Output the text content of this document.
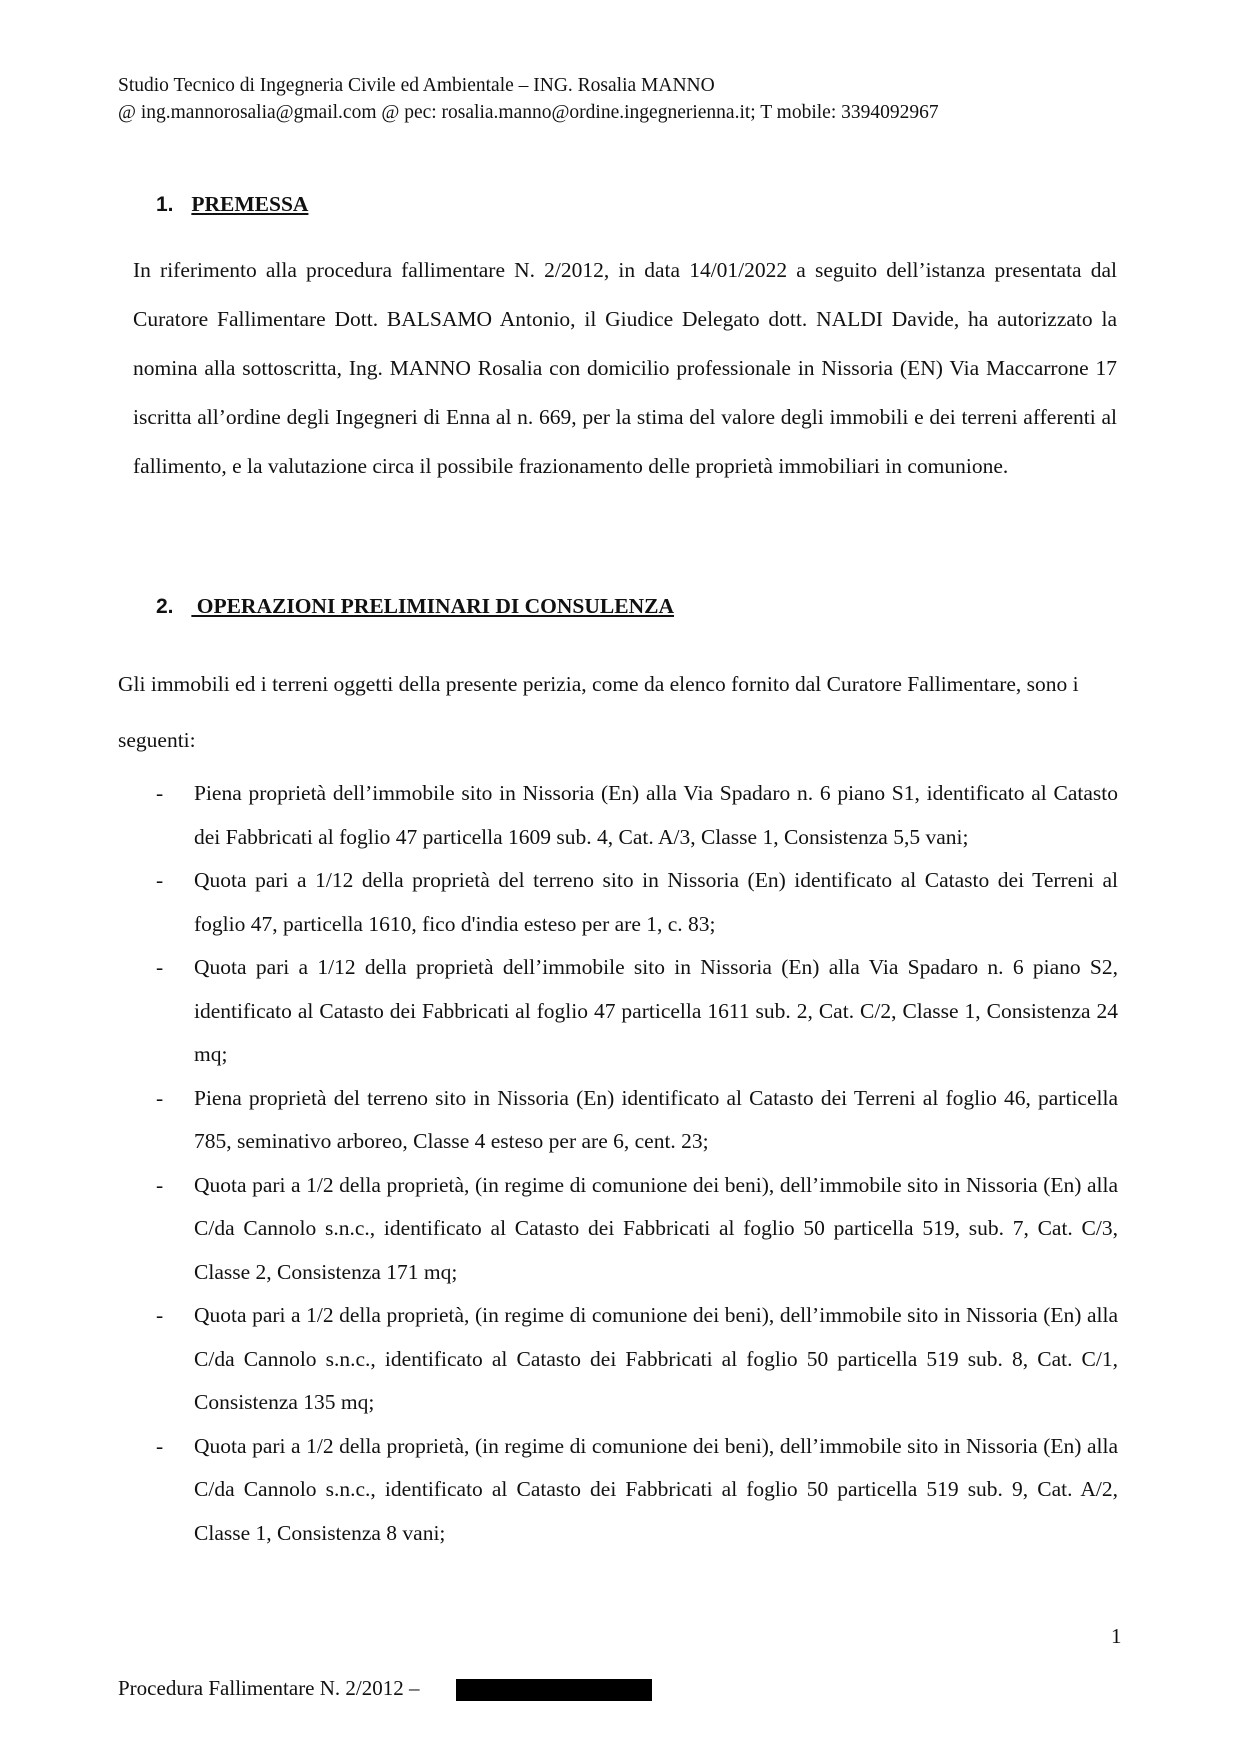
Studio Tecnico di Ingegneria Civile ed Ambientale – ING. Rosalia MANNO
@ ing.mannorosalia@gmail.com @ pec: rosalia.manno@ordine.ingegnerienna.it; T mobile: 3394092967
1. PREMESSA
In riferimento alla procedura fallimentare N. 2/2012, in data 14/01/2022 a seguito dell’istanza presentata dal Curatore Fallimentare Dott. BALSAMO Antonio, il Giudice Delegato dott. NALDI Davide, ha autorizzato la nomina alla sottoscritta, Ing. MANNO Rosalia con domicilio professionale in Nissoria (EN) Via Maccarrone 17 iscritta all’ordine degli Ingegneri di Enna al n. 669, per la stima del valore degli immobili e dei terreni afferenti al fallimento, e la valutazione circa il possibile frazionamento delle proprietà immobiliari in comunione.
2.  OPERAZIONI PRELIMINARI DI CONSULENZA
Gli immobili ed i terreni oggetti della presente perizia, come da elenco fornito dal Curatore Fallimentare, sono i seguenti:
- Piena proprietà dell’immobile sito in Nissoria (En) alla Via Spadaro n. 6 piano S1, identificato al Catasto dei Fabbricati al foglio 47 particella 1609 sub. 4, Cat. A/3, Classe 1, Consistenza 5,5 vani;
- Quota pari a 1/12 della proprietà del terreno sito in Nissoria (En) identificato al Catasto dei Terreni al foglio 47, particella 1610, fico d'india esteso per are 1, c. 83;
- Quota pari a 1/12 della proprietà dell’immobile sito in Nissoria (En) alla Via Spadaro n. 6 piano S2, identificato al Catasto dei Fabbricati al foglio 47 particella 1611 sub. 2, Cat. C/2, Classe 1, Consistenza 24 mq;
- Piena proprietà del terreno sito in Nissoria (En) identificato al Catasto dei Terreni al foglio 46, particella 785, seminativo arboreo, Classe 4 esteso per are 6, cent. 23;
- Quota pari a 1/2 della proprietà, (in regime di comunione dei beni), dell’immobile sito in Nissoria (En) alla C/da Cannolo s.n.c., identificato al Catasto dei Fabbricati al foglio 50 particella 519, sub. 7, Cat. C/3, Classe 2, Consistenza 171 mq;
- Quota pari a 1/2 della proprietà, (in regime di comunione dei beni), dell’immobile sito in Nissoria (En) alla C/da Cannolo s.n.c., identificato al Catasto dei Fabbricati al foglio 50 particella 519 sub. 8, Cat. C/1, Consistenza 135 mq;
- Quota pari a 1/2 della proprietà, (in regime di comunione dei beni), dell’immobile sito in Nissoria (En) alla C/da Cannolo s.n.c., identificato al Catasto dei Fabbricati al foglio 50 particella 519 sub. 9, Cat. A/2, Classe 1, Consistenza 8 vani;
1
Procedura Fallimentare N. 2/2012 –
